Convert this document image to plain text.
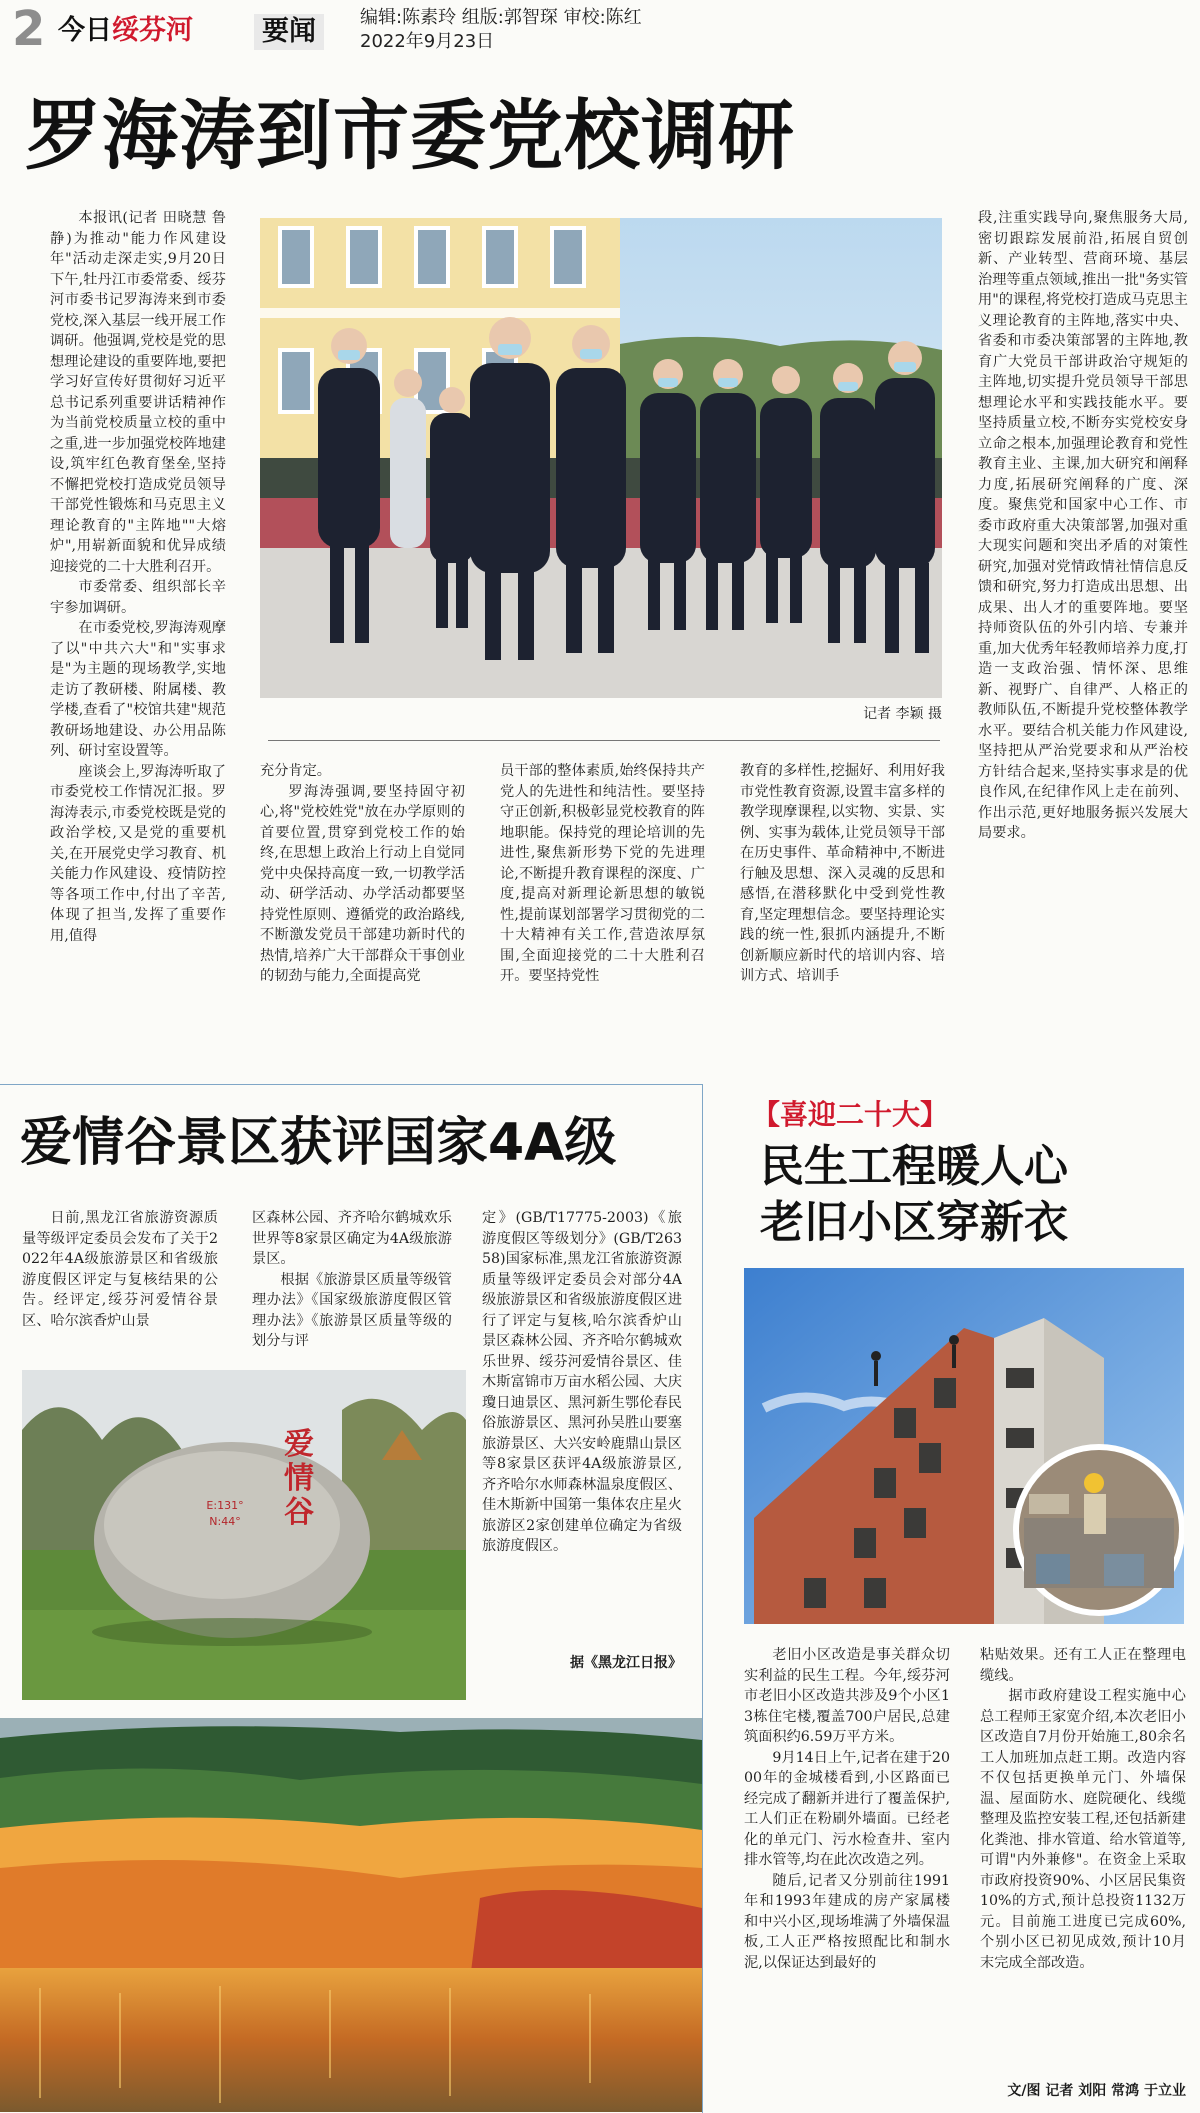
2 今日绥芬河	要闻	编辑:陈素玲 组版:郭智琛 审校:陈红
2022年9月23日
罗海涛到市委党校调研

本报讯(记者 田晓慧 鲁静)为推动"能力作风建设年"活动走深走实,9月20日下午,牡丹江市委常委、绥芬河市委书记罗海涛来到市委党校,深入基层一线开展工作调研。他强调,党校是党的思想理论建设的重要阵地,要把学习好宣传好贯彻好习近平总书记系列重要讲话精神作为当前党校质量立校的重中之重,进一步加强党校阵地建设,筑牢红色教育堡垒,坚持不懈把党校打造成党员领导干部党性锻炼和马克思主义理论教育的"主阵地""大熔炉",用崭新面貌和优异成绩迎接党的二十大胜利召开。

市委常委、组织部长辛宇参加调研。

在市委党校,罗海涛观摩了以"中共六大"和"实事求是"为主题的现场教学,实地走访了教研楼、附属楼、教学楼,查看了"校馆共建"规范教研场地建设、办公用品陈列、研讨室设置等。

座谈会上,罗海涛听取了市委党校工作情况汇报。罗海涛表示,市委党校既是党的政治学校,又是党的重要机关,在开展党史学习教育、机关能力作风建设、疫情防控等各项工作中,付出了辛苦,体现了担当,发挥了重要作用,值得

记者 李颖 摄

充分肯定。

罗海涛强调,要坚持固守初心,将"党校姓党"放在办学原则的首要位置,贯穿到党校工作的始终,在思想上政治上行动上自觉同党中央保持高度一致,一切教学活动、研学活动、办学活动都要坚持党性原则、遵循党的政治路线,不断激发党员干部建功新时代的热情,培养广大干部群众干事创业的韧劲与能力,全面提高党

员干部的整体素质,始终保持共产党人的先进性和纯洁性。要坚持守正创新,积极彰显党校教育的阵地职能。保持党的理论培训的先进性,聚焦新形势下党的先进理论,不断提升教育课程的深度、广度,提高对新理论新思想的敏锐性,提前谋划部署学习贯彻党的二十大精神有关工作,营造浓厚氛围,全面迎接党的二十大胜利召开。要坚持党性

教育的多样性,挖掘好、利用好我市党性教育资源,设置丰富多样的教学现摩课程,以实物、实景、实例、实事为载体,让党员领导干部在历史事件、革命精神中,不断进行触及思想、深入灵魂的反思和感悟,在潜移默化中受到党性教育,坚定理想信念。要坚持理论实践的统一性,狠抓内涵提升,不断创新顺应新时代的培训内容、培训方式、培训手

段,注重实践导向,聚焦服务大局,密切跟踪发展前沿,拓展自贸创新、产业转型、营商环境、基层治理等重点领域,推出一批"务实管用"的课程,将党校打造成马克思主义理论教育的主阵地,落实中央、省委和市委决策部署的主阵地,教育广大党员干部讲政治守规矩的主阵地,切实提升党员领导干部思想理论水平和实践技能水平。要坚持质量立校,不断夯实党校安身立命之根本,加强理论教育和党性教育主业、主课,加大研究和阐释力度,拓展研究阐释的广度、深度。聚焦党和国家中心工作、市委市政府重大决策部署,加强对重大现实问题和突出矛盾的对策性研究,加强对党情政情社情信息反馈和研究,努力打造成出思想、出成果、出人才的重要阵地。要坚持师资队伍的外引内培、专兼并重,加大优秀年轻教师培养力度,打造一支政治强、情怀深、思维新、视野广、自律严、人格正的教师队伍,不断提升党校整体教学水平。要结合机关能力作风建设,坚持把从严治党要求和从严治校方针结合起来,坚持实事求是的优良作风,在纪律作风上走在前列、作出示范,更好地服务振兴发展大局要求。

爱情谷景区获评国家4A级

日前,黑龙江省旅游资源质量等级评定委员会发布了关于2022年4A级旅游景区和省级旅游度假区评定与复核结果的公告。经评定,绥芬河爱情谷景区、哈尔滨香炉山景

区森林公园、齐齐哈尔鹤城欢乐世界等8家景区确定为4A级旅游景区。

根据《旅游景区质量等级管理办法》《国家级旅游度假区管理办法》《旅游景区质量等级的划分与评

定》(GB/T17775-2003)《旅游度假区等级划分》(GB/T26358)国家标准,黑龙江省旅游资源质量等级评定委员会对部分4A级旅游景区和省级旅游度假区进行了评定与复核,哈尔滨香炉山景区森林公园、齐齐哈尔鹤城欢乐世界、绥芬河爱情谷景区、佳木斯富锦市万亩水稻公园、大庆瓊日迪景区、黑河新生鄂伦春民俗旅游景区、黑河孙吴胜山要塞旅游景区、大兴安岭鹿鼎山景区等8家景区获评4A级旅游景区,齐齐哈尔水师森林温泉度假区、佳木斯新中国第一集体农庄星火旅游区2家创建单位确定为省级旅游度假区。

据《黑龙江日报》
爱情谷
E:131° N:44°
【喜迎二十大】
民生工程暖人心
老旧小区穿新衣

老旧小区改造是事关群众切实利益的民生工程。今年,绥芬河市老旧小区改造共涉及9个小区13栋住宅楼,覆盖700户居民,总建筑面积约6.59万平方米。

9月14日上午,记者在建于2000年的金城楼看到,小区路面已经完成了翻新并进行了覆盖保护,工人们正在粉刷外墙面。已经老化的单元门、污水检查井、室内排水管等,均在此次改造之列。

随后,记者又分别前往1991年和1993年建成的房产家属楼和中兴小区,现场堆满了外墙保温板,工人正严格按照配比和制水泥,以保证达到最好的

粘贴效果。还有工人正在整理电缆线。

据市政府建设工程实施中心总工程师王家宽介绍,本次老旧小区改造自7月份开始施工,80余名工人加班加点赶工期。改造内容不仅包括更换单元门、外墙保温、屋面防水、庭院硬化、线缆整理及监控安装工程,还包括新建化粪池、排水管道、给水管道等,可谓"内外兼修"。在资金上采取市政府投资90%、小区居民集资10%的方式,预计总投资1132万元。目前施工进度已完成60%,个别小区已初见成效,预计10月末完成全部改造。

文/图 记者 刘阳 常鸿 于立业
